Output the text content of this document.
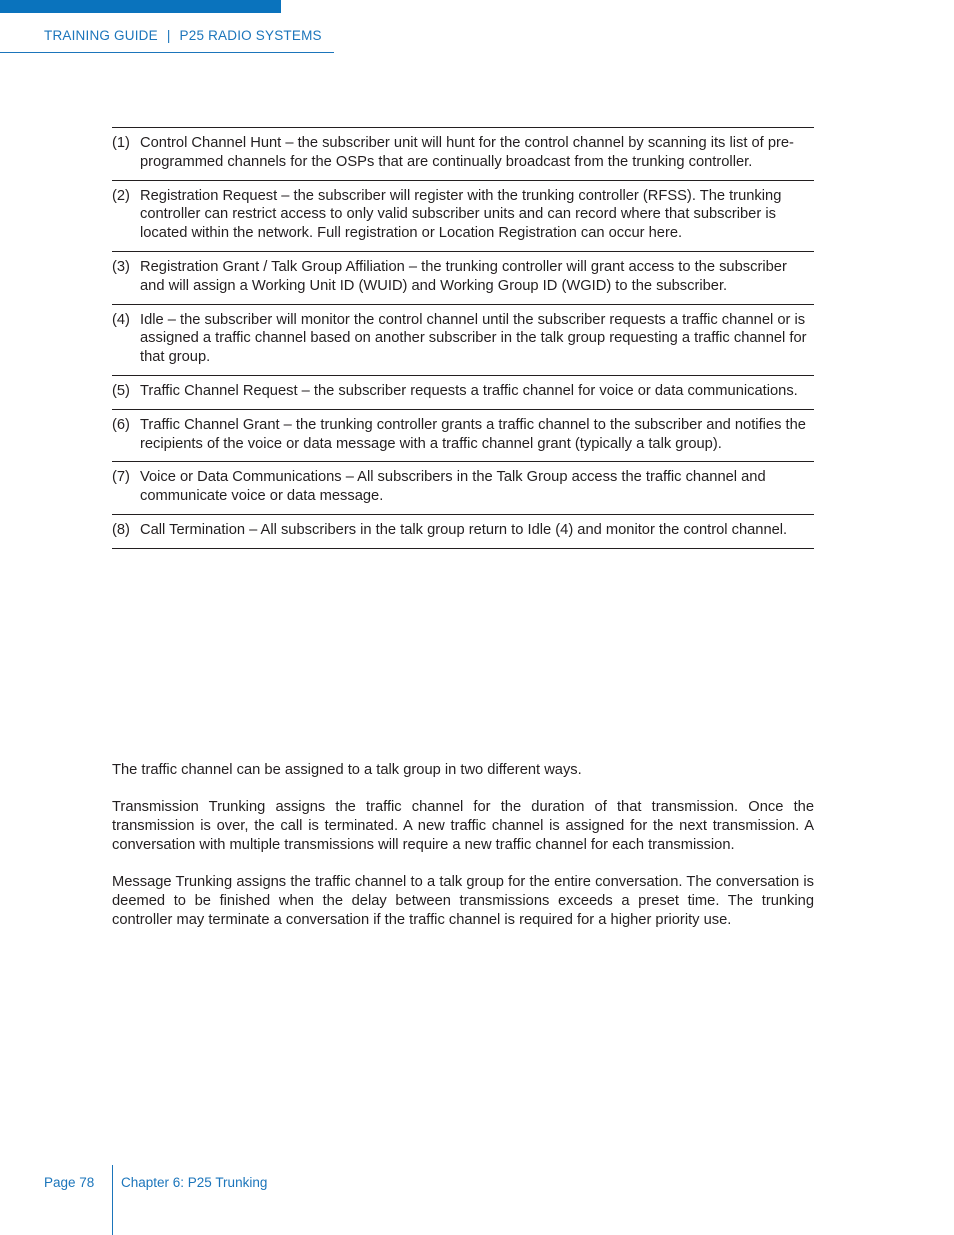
TRAINING GUIDE | P25 RADIO SYSTEMS
(1) Control Channel Hunt – the subscriber unit will hunt for the control channel by scanning its list of pre-programmed channels for the OSPs that are continually broadcast from the trunking controller.
(2) Registration Request – the subscriber will register with the trunking controller (RFSS). The trunking controller can restrict access to only valid subscriber units and can record where that subscriber is located within the network. Full registration or Location Registration can occur here.
(3) Registration Grant / Talk Group Affiliation – the trunking controller will grant access to the subscriber and will assign a Working Unit ID (WUID) and Working Group ID (WGID) to the subscriber.
(4) Idle – the subscriber will monitor the control channel until the subscriber requests a traffic channel or is assigned a traffic channel based on another subscriber in the talk group requesting a traffic channel for that group.
(5) Traffic Channel Request – the subscriber requests a traffic channel for voice or data communications.
(6) Traffic Channel Grant – the trunking controller grants a traffic channel to the subscriber and notifies the recipients of the voice or data message with a traffic channel grant (typically a talk group).
(7) Voice or Data Communications – All subscribers in the Talk Group access the traffic channel and communicate voice or data message.
(8) Call Termination – All subscribers in the talk group return to Idle (4) and monitor the control channel.

The traffic channel can be assigned to a talk group in two different ways.

Transmission Trunking assigns the traffic channel for the duration of that transmission. Once the transmission is over, the call is terminated. A new traffic channel is assigned for the next transmission. A conversation with multiple transmissions will require a new traffic channel for each transmission.

Message Trunking assigns the traffic channel to a talk group for the entire conversation. The conversation is deemed to be finished when the delay between transmissions exceeds a preset time. The trunking controller may terminate a conversation if the traffic channel is required for a higher priority use.

Page 78 Chapter 6: P25 Trunking
